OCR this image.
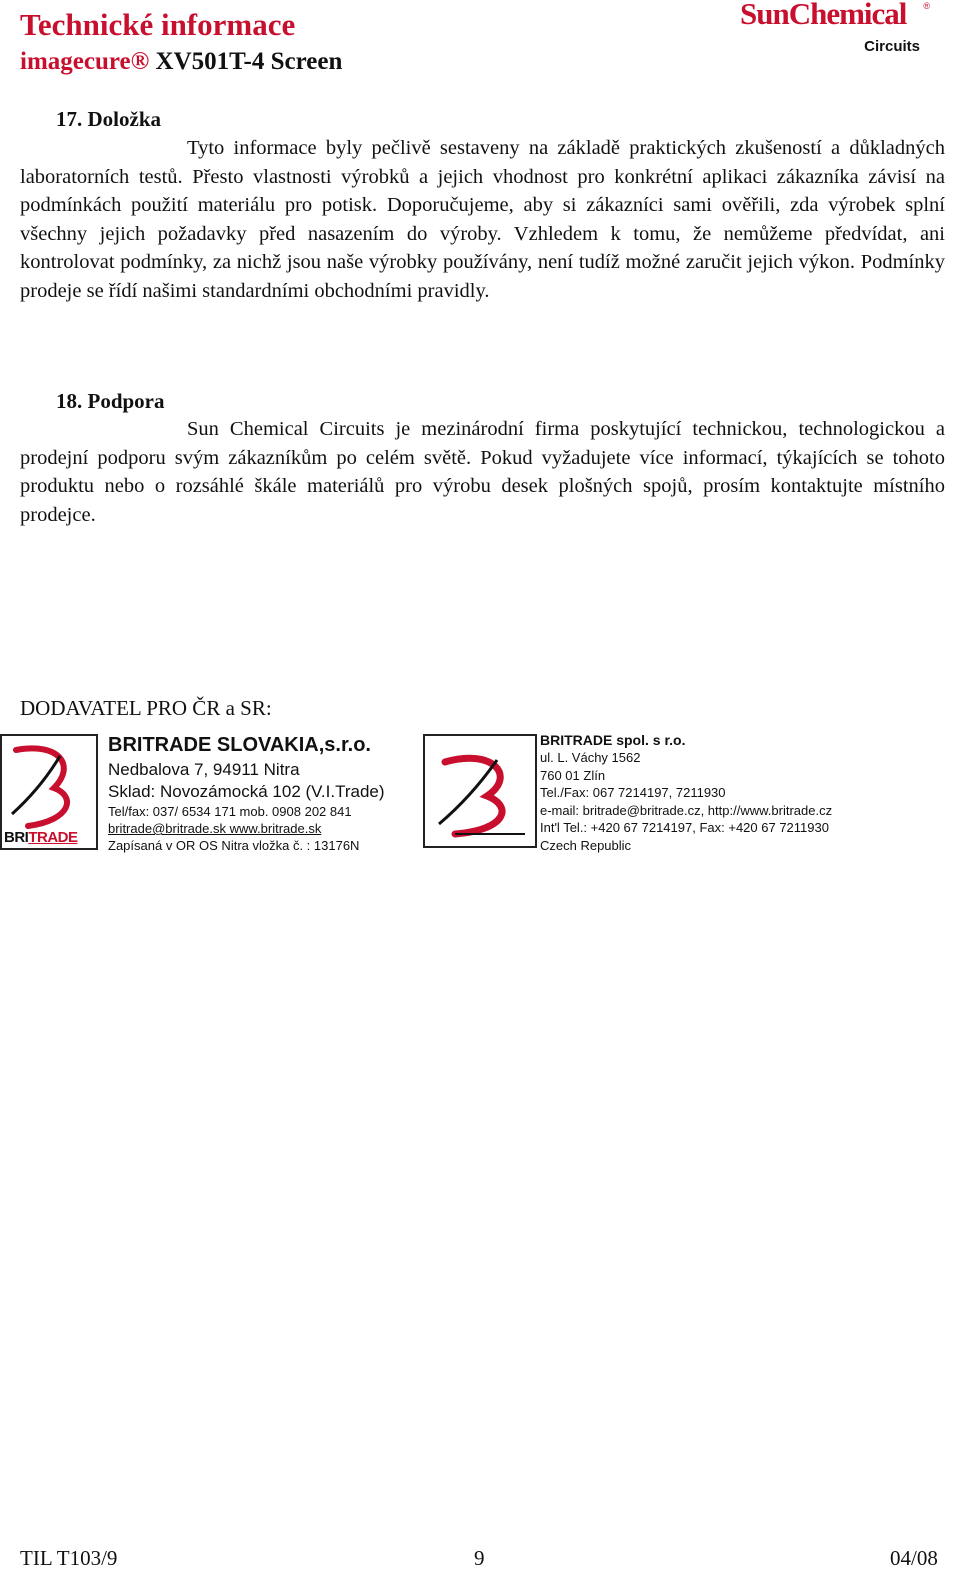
Technické informace
imagecure® XV501T-4 Screen
SunChemical ®
Circuits
17. Doložka

Tyto informace byly pečlivě sestaveny na základě praktických zkušeností a důkladných laboratorních testů. Přesto vlastnosti výrobků a jejich vhodnost pro konkrétní aplikaci zákazníka závisí na podmínkách použití materiálu pro potisk. Doporučujeme, aby si zákazníci sami ověřili, zda výrobek splní všechny jejich požadavky před nasazením do výroby. Vzhledem k tomu, že nemůžeme předvídat, ani kontrolovat podmínky, za nichž jsou naše výrobky používány, není tudíž možné zaručit jejich výkon. Podmínky prodeje se řídí našimi standardními obchodními pravidly.

18. Podpora

Sun Chemical Circuits je mezinárodní firma poskytující technickou, technologickou a prodejní podporu svým zákazníkům po celém světě. Pokud vyžadujete více informací, týkajících se tohoto produktu nebo o rozsáhlé škále materiálů pro výrobu desek plošných spojů, prosím kontaktujte místního prodejce.

DODAVATEL PRO ČR a SR:
BRITRADE
BRITRADE SLOVAKIA,s.r.o.
Nedbalova 7, 94911 Nitra
Sklad: Novozámocká 102 (V.I.Trade)
Tel/fax: 037/ 6534 171 mob. 0908 202 841
britrade@britrade.sk www.britrade.sk
Zapísaná v OR OS Nitra vložka č. : 13176N
BRITRADE spol. s r.o.
ul. L. Váchy 1562
760 01 Zlín
Tel./Fax: 067 7214197, 7211930
e-mail: britrade@britrade.cz, http://www.britrade.cz
Int'l Tel.: +420 67 7214197, Fax: +420 67 7211930
Czech Republic
TIL T103/9	9	04/08
